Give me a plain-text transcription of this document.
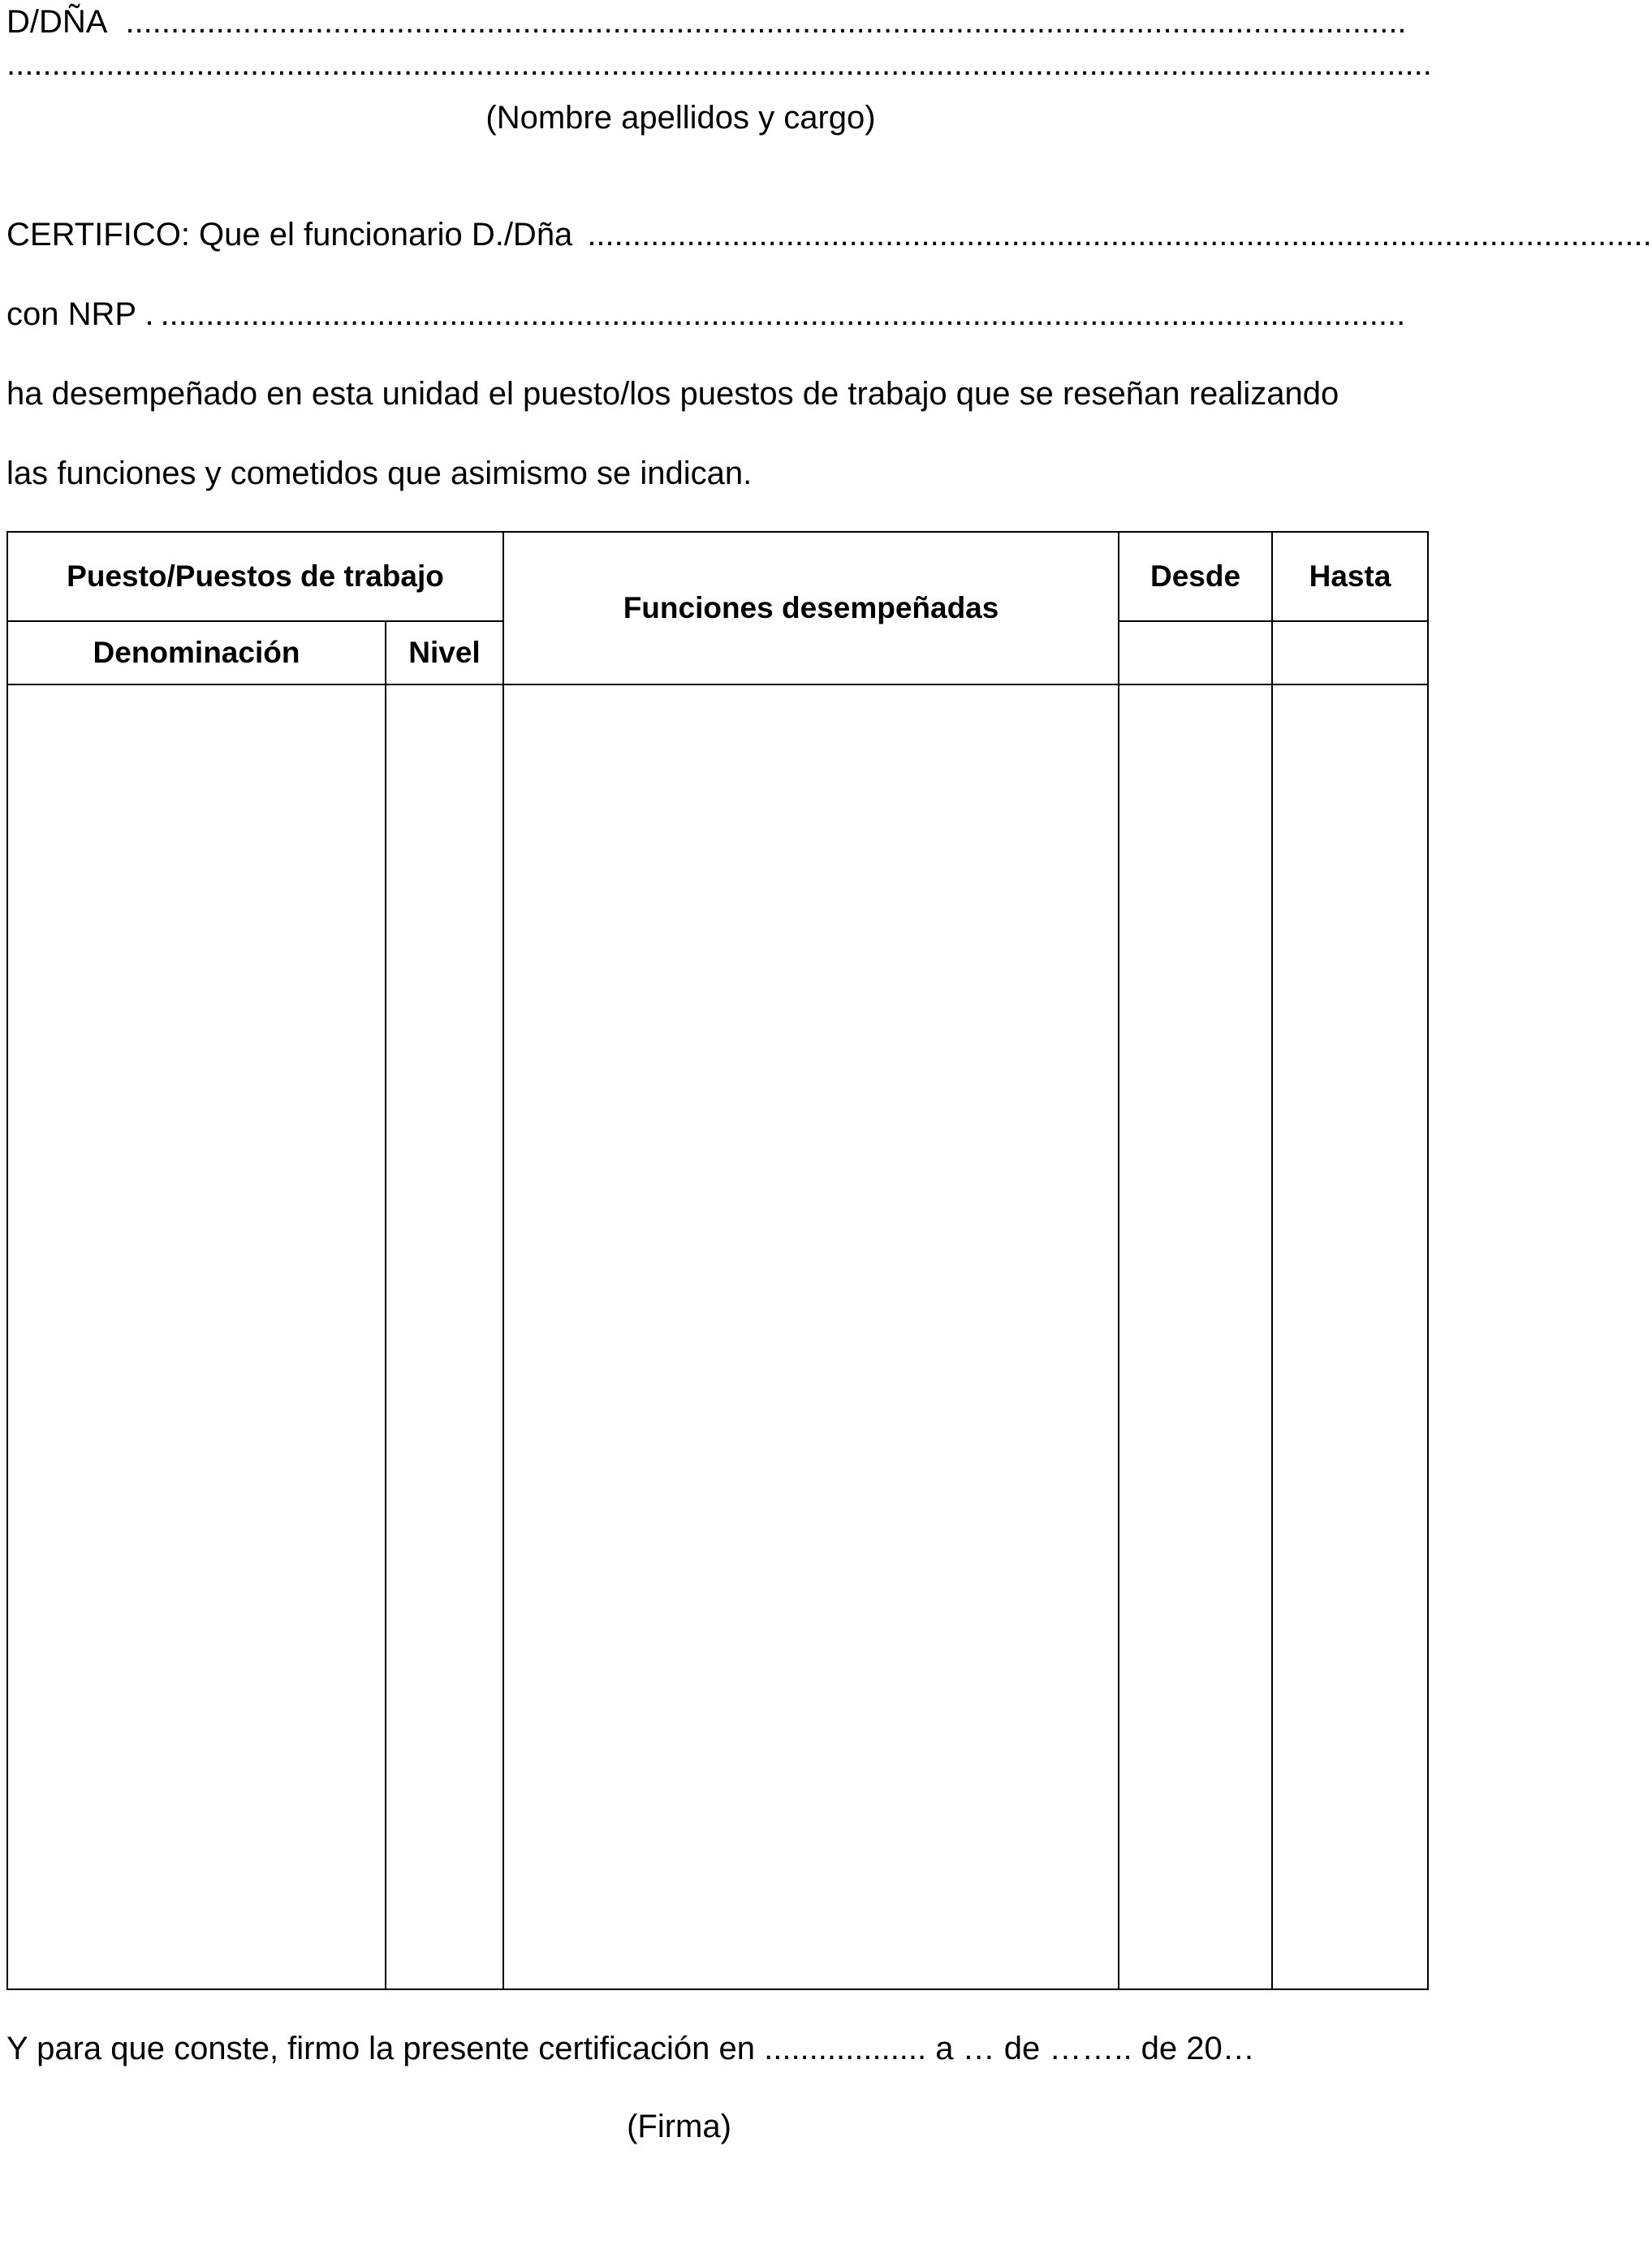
D/DÑA ..............................................................................................................................................
..............................................................................................................................................................
(Nombre apellidos y cargo)
CERTIFICO: Que el funcionario D./Dña ......................................................................................................................
con NRP . ..........................................................................................................................................
ha desempeñado en esta unidad el puesto/los puestos de trabajo que se reseñan realizando
las funciones y cometidos que asimismo se indican.
Puesto/Puestos de trabajo		Funciones desempeñadas	Desde	Hasta
Denominación	Nivel			

Y para que conste, firmo la presente certificación en .................. a … de …….. de 20…
(Firma)
